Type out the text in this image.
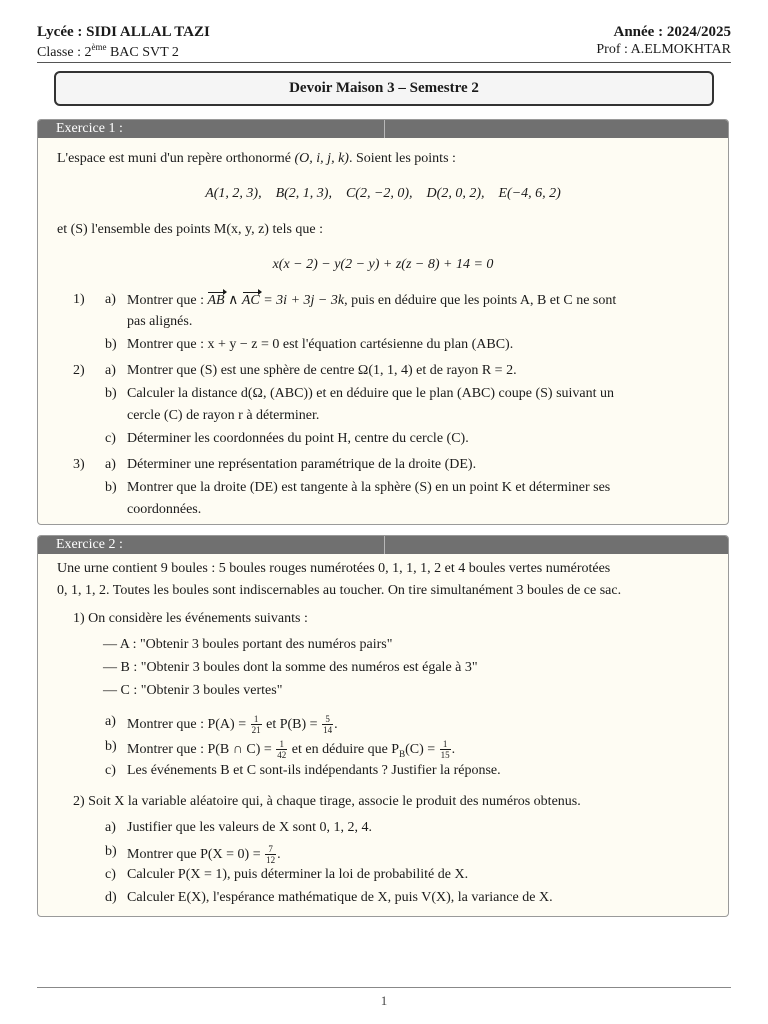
Lycée : SIDI ALLAL TAZI
Classe : 2ème BAC SVT 2
Année : 2024/2025
Prof : A.ELMOKHTAR
Devoir Maison 3 – Semestre 2
Exercice 1 :
L'espace est muni d'un repère orthonormé (O, i, j, k). Soient les points :
A(1, 2, 3),    B(2, 1, 3),    C(2, −2, 0),    D(2, 0, 2),    E(−4, 6, 2)
et (S) l'ensemble des points M(x, y, z) tels que :
x(x − 2) − y(2 − y) + z(z − 8) + 14 = 0
1) a) Montrer que : AB ∧ AC = 3i + 3j − 3k, puis en déduire que les points A, B et C ne sont
pas alignés.
b) Montrer que : x + y − z = 0 est l'équation cartésienne du plan (ABC).
2) a) Montrer que (S) est une sphère de centre Ω(1, 1, 4) et de rayon R = 2.
b) Calculer la distance d(Ω, (ABC)) et en déduire que le plan (ABC) coupe (S) suivant un
cercle (C) de rayon r à déterminer.
c) Déterminer les coordonnées du point H, centre du cercle (C).
3) a) Déterminer une représentation paramétrique de la droite (DE).
b) Montrer que la droite (DE) est tangente à la sphère (S) en un point K et déterminer ses
coordonnées.
Exercice 2 :
Une urne contient 9 boules : 5 boules rouges numérotées 0, 1, 1, 1, 2 et 4 boules vertes numérotées
0, 1, 1, 2. Toutes les boules sont indiscernables au toucher. On tire simultanément 3 boules de ce sac.
1) On considère les événements suivants :
— A : "Obtenir 3 boules portant des numéros pairs"
— B : "Obtenir 3 boules dont la somme des numéros est égale à 3"
— C : "Obtenir 3 boules vertes"
a) Montrer que : $P(A) = \frac{1}{21}$ et $P(B) = \frac{5}{14}$ .
b) Montrer que : P(B ∩ $C) = \frac{1}{42}$ et en déduire que $P_B(C) = \frac{1}{15}$ .
c) Les événements B et C sont-ils indépendants ? Justifier la réponse.
2) Soit X la variable aléatoire qui, à chaque tirage, associe le produit des numéros obtenus.
a) Justifier que les valeurs de X sont 0, 1, 2, 4.
b) Montrer que $P(X = 0) = \frac{7}{12}$ .
c) Calculer P(X = 1), puis déterminer la loi de probabilité de X.
d) Calculer E(X), l'espérance mathématique de X, puis V(X), la variance de X.
1
